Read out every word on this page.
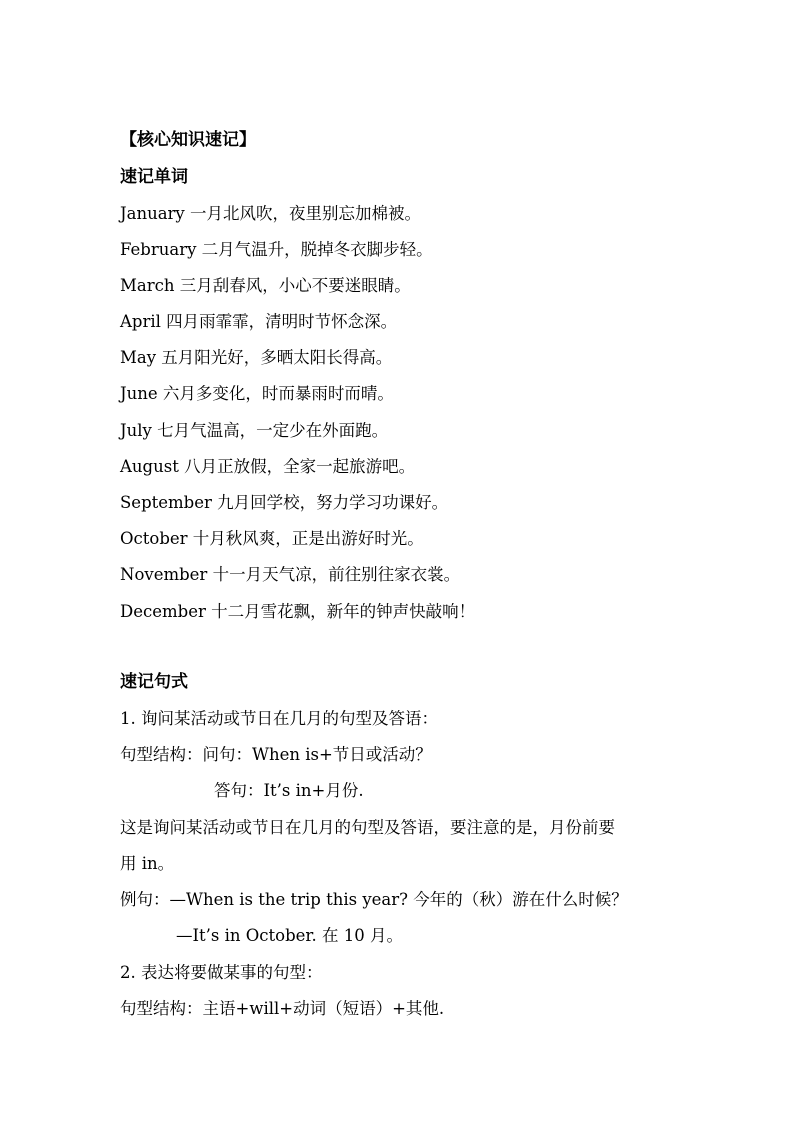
【核心知识速记】
速记单词
January 一月北风吹，夜里别忘加棉被。
February 二月气温升，脱掉冬衣脚步轻。
March 三月刮春风，小心不要迷眼睛。
April 四月雨霏霏，清明时节怀念深。
May 五月阳光好，多晒太阳长得高。
June 六月多变化，时而暴雨时而晴。
July 七月气温高，一定少在外面跑。
August 八月正放假，全家一起旅游吧。
September 九月回学校，努力学习功课好。
October 十月秋风爽，正是出游好时光。
November 十一月天气凉，前往别往家衣裳。
December 十二月雪花飘，新年的钟声快敲响！
速记句式
1. 询问某活动或节日在几月的句型及答语：
句型结构：问句：When is+节日或活动？
答句：It’s in+月份.
这是询问某活动或节日在几月的句型及答语，要注意的是，月份前要
用 in。
例句：—When is the trip this year? 今年的（秋）游在什么时候？
—It’s in October. 在 10 月。
2. 表达将要做某事的句型：
句型结构：主语+will+动词（短语）+其他.
